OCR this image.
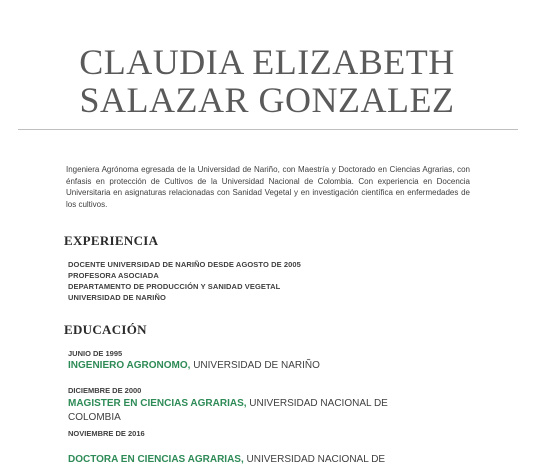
CLAUDIA ELIZABETH
SALAZAR GONZALEZ
Ingeniera Agrónoma egresada de la Universidad de Nariño, con Maestría y Doctorado en Ciencias Agrarias, con énfasis en protección de Cultivos de la Universidad Nacional de Colombia. Con experiencia en Docencia Universitaria en asignaturas relacionadas con Sanidad Vegetal y en investigación científica en enfermedades de los cultivos.
EXPERIENCIA
DOCENTE UNIVERSIDAD DE NARIÑO DESDE AGOSTO DE 2005
PROFESORA ASOCIADA
DEPARTAMENTO DE PRODUCCIÓN Y SANIDAD VEGETAL
UNIVERSIDAD DE NARIÑO
EDUCACIÓN
JUNIO DE 1995
INGENIERO AGRONOMO, UNIVERSIDAD DE NARIÑO
DICIEMBRE DE 2000
MAGISTER EN CIENCIAS AGRARIAS, UNIVERSIDAD NACIONAL DE
COLOMBIA
NOVIEMBRE DE 2016
DOCTORA EN CIENCIAS AGRARIAS, UNIVERSIDAD NACIONAL DE
